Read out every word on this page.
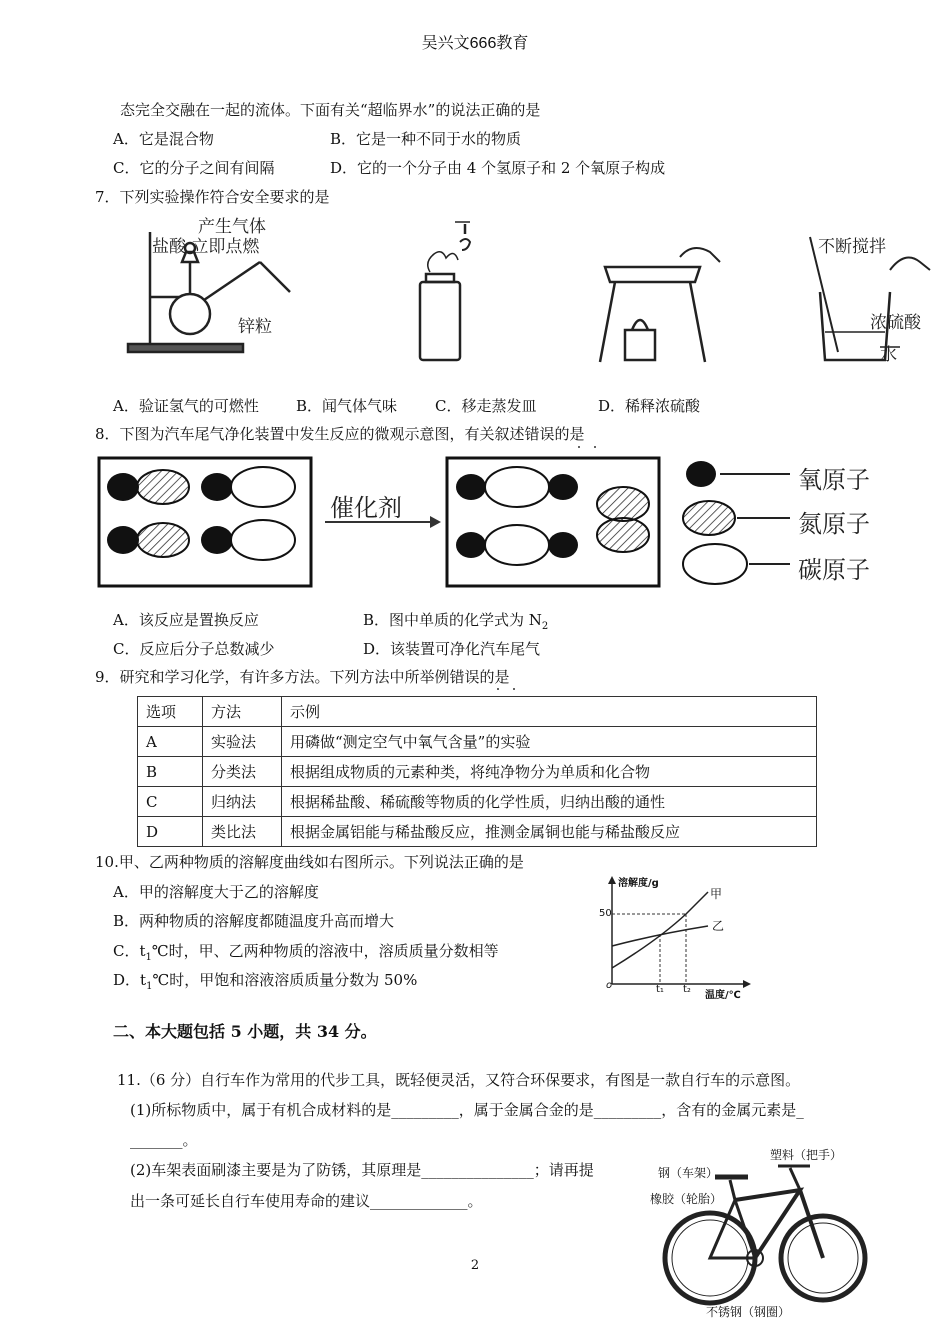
吴兴文666教育
态完全交融在一起的流体。下面有关“超临界水”的说法正确的是
A．它是混合物	B．它是一种不同于水的物质
C．它的分子之间有间隔	D．它的一个分子由 4 个氢原子和 2 个氧原子构成
7．下列实验操作符合安全要求的是
产生气体
盐酸 立即点燃
锌粒
不断搅拌
浓硫酸
水
A．验证氢气的可燃性 B．闻气体气味	C．移走蒸发皿	D．稀释浓硫酸
8．下图为汽车尾气净化装置中发生反应的微观示意图，有关叙述错误的是
催化剂
氧原子
氮原子
碳原子
A．该反应是置换反应	B．图中单质的化学式为 $N_2$
C．反应后分子总数减少	D．该装置可净化汽车尾气
9．研究和学习化学，有许多方法。下列方法中所举例错误的是
选项	方法	示例
A	实验法	用磷做“测定空气中氧气含量”的实验
B	分类法	根据组成物质的元素种类，将纯净物分为单质和化合物
C	归纳法	根据稀盐酸、稀硫酸等物质的化学性质，归纳出酸的通性
D	类比法	根据金属铝能与稀盐酸反应，推测金属铜也能与稀盐酸反应
10.甲、乙两种物质的溶解度曲线如右图所示。下列说法正确的是
A．甲的溶解度大于乙的溶解度
B．两种物质的溶解度都随温度升高而增大
C．$t_1℃$时，甲、乙两种物质的溶液中，溶质质量分数相等
D．$t_1℃$时，甲饱和溶液溶质质量分数为 50%
溶解度/g
甲
乙
50
o	t₁ t₂
温度/℃
二、本大题包括 5 小题，共 34 分。
11.（6 分）自行车作为常用的代步工具，既轻便灵活，又符合环保要求，有图是一款自行车的示意图。
(1)所标物质中，属于有机合成材料的是_________，属于金属合金的是_________，含有的金属元素是_
_______。
(2)车架表面刷漆主要是为了防锈，其原理是_______________；请再提
出一条可延长自行车使用寿命的建议_____________。
塑料（把手）
钢（车架）
橡胶（轮胎）
不锈钢（钢圈）
2
